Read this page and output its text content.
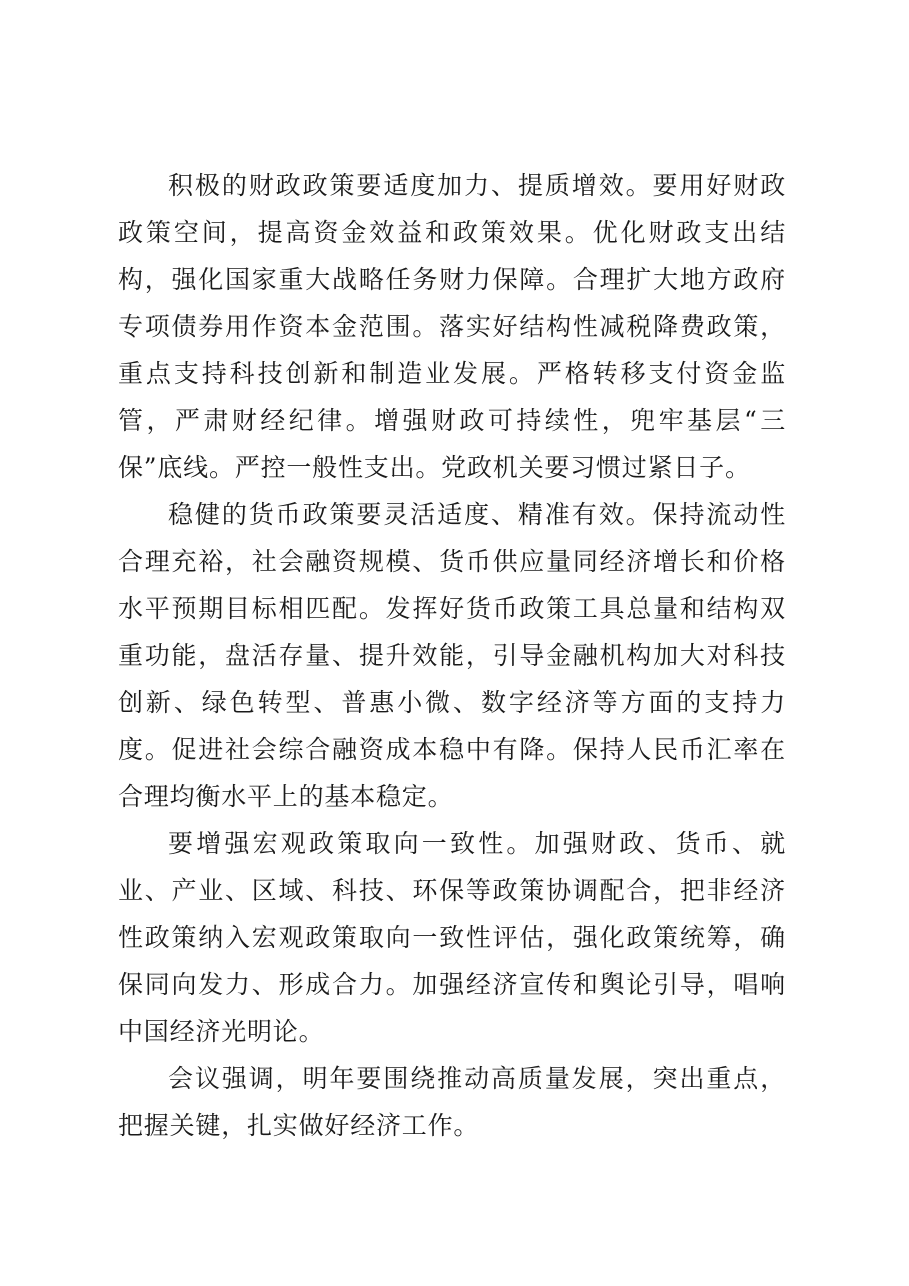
积极的财政政策要适度加力、提质增效。要用好财政政策空间，提高资金效益和政策效果。优化财政支出结构，强化国家重大战略任务财力保障。合理扩大地方政府专项债券用作资本金范围。落实好结构性减税降费政策，重点支持科技创新和制造业发展。严格转移支付资金监管，严肃财经纪律。增强财政可持续性，兜牢基层“三保”底线。严控一般性支出。党政机关要习惯过紧日子。

稳健的货币政策要灵活适度、精准有效。保持流动性合理充裕，社会融资规模、货币供应量同经济增长和价格水平预期目标相匹配。发挥好货币政策工具总量和结构双重功能，盘活存量、提升效能，引导金融机构加大对科技创新、绿色转型、普惠小微、数字经济等方面的支持力度。促进社会综合融资成本稳中有降。保持人民币汇率在合理均衡水平上的基本稳定。

要增强宏观政策取向一致性。加强财政、货币、就业、产业、区域、科技、环保等政策协调配合，把非经济性政策纳入宏观政策取向一致性评估，强化政策统筹，确保同向发力、形成合力。加强经济宣传和舆论引导，唱响中国经济光明论。

会议强调，明年要围绕推动高质量发展，突出重点，把握关键，扎实做好经济工作。
